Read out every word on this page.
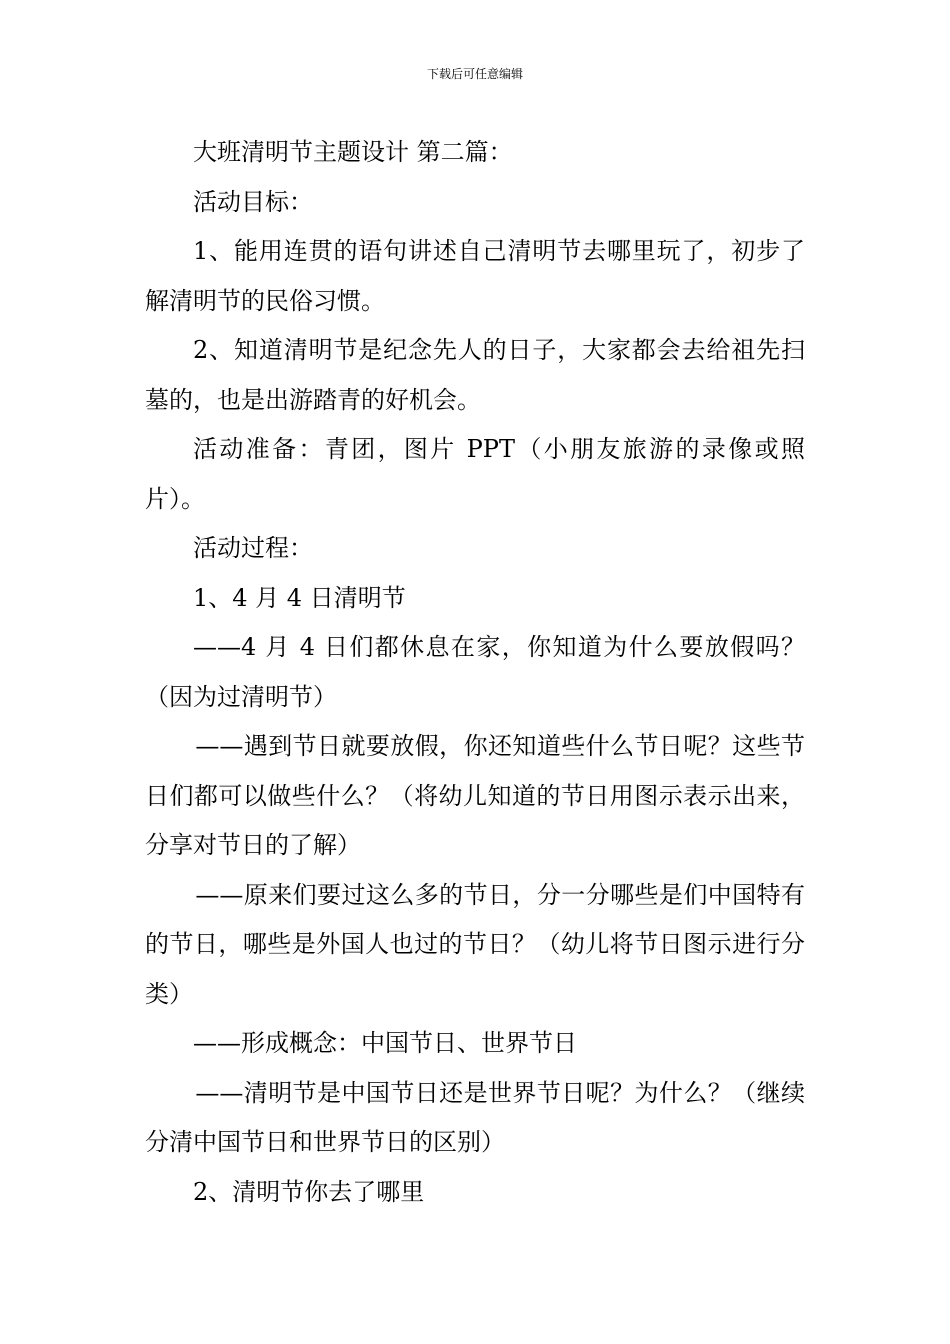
下载后可任意编辑

大班清明节主题设计 第二篇：

活动目标：

1、能用连贯的语句讲述自己清明节去哪里玩了，初步了解清明节的民俗习惯。

2、知道清明节是纪念先人的日子，大家都会去给祖先扫墓的，也是出游踏青的好机会。

活动准备：青团，图片 PPT（小朋友旅游的录像或照片）。

活动过程：

1、4 月 4 日清明节

——4 月 4 日们都休息在家，你知道为什么要放假吗？（因为过清明节）

——遇到节日就要放假，你还知道些什么节日呢？这些节日们都可以做些什么？（将幼儿知道的节日用图示表示出来，分享对节日的了解）

——原来们要过这么多的节日，分一分哪些是们中国特有的节日，哪些是外国人也过的节日？（幼儿将节日图示进行分类）

——形成概念：中国节日、世界节日

——清明节是中国节日还是世界节日呢？为什么？（继续分清中国节日和世界节日的区别）

2、清明节你去了哪里
